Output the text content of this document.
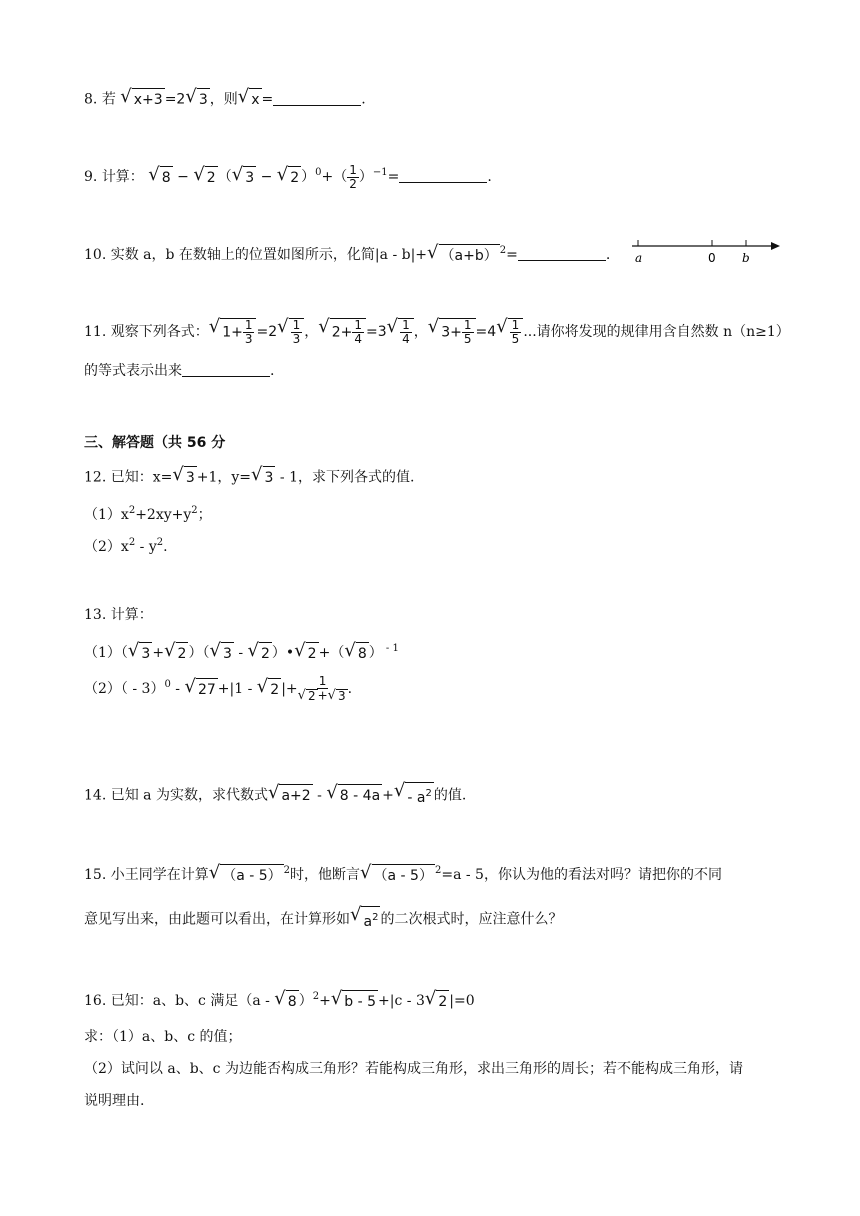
8. 若 √ x+3 =2 √ 3 ，则 √ x =	.
9. 计算： √ 8 − √ 2 （ √ 3 − √ 2 ）$^0+( \frac{1}{2} )^{-1}=$	.
10. 实数 a，b 在数轴上的位置如图所示，化简|a - b|+ √ （a+b） $^2$=	. a	0 b
11. 观察下列各式： √ $1+ \frac{1}{3} =2$ √ $\frac{1}{3}$ ， √ $2+ \frac{1}{4} =3$ √ $\frac{1}{4}$ ， √ $3+ \frac{1}{5} =4$ √ $\frac{1}{5}$ ...请你将发现的规律用含自然数 n（n≥1）
的等式表示出来	.
三、解答题（共 56 分
12. 已知：x= √ 3 +1，y= √ 3 - 1，求下列各式的值.
$(1)x^2+2xy+y^2$；
$(2)x^2 - y^2$.
13. 计算：
（1）（ √ 3 + √ 2 ）（ √ 3 - √ 2 ）• √ 2 +（ √ 8 ） $^{- 1}$
（2）（ - 3）$^0$ - √ 27 +|1 - √ 2 |+ $\frac{1}{√ 2 + √ 3}$ .
14. 已知 a 为实数，求代数式 √ a+2 - √ 8 - 4a + √ - $a^2$ 的值.
15. 小王同学在计算 √ （a - 5） $^2$时，他断言 √ （a - 5） $^2$=a - 5，你认为他的看法对吗？请把你的不同
意见写出来，由此题可以看出，在计算形如 √ $a^2$ 的二次根式时，应注意什么？
16. 已知：a、b、c 满足（a - √ 8 ）$^2$+ √ b - 5 +|c - 3 √ 2 |=0
求：（1）a、b、c 的值；
（2）试问以 a、b、c 为边能否构成三角形？若能构成三角形，求出三角形的周长；若不能构成三角形，请
说明理由.
